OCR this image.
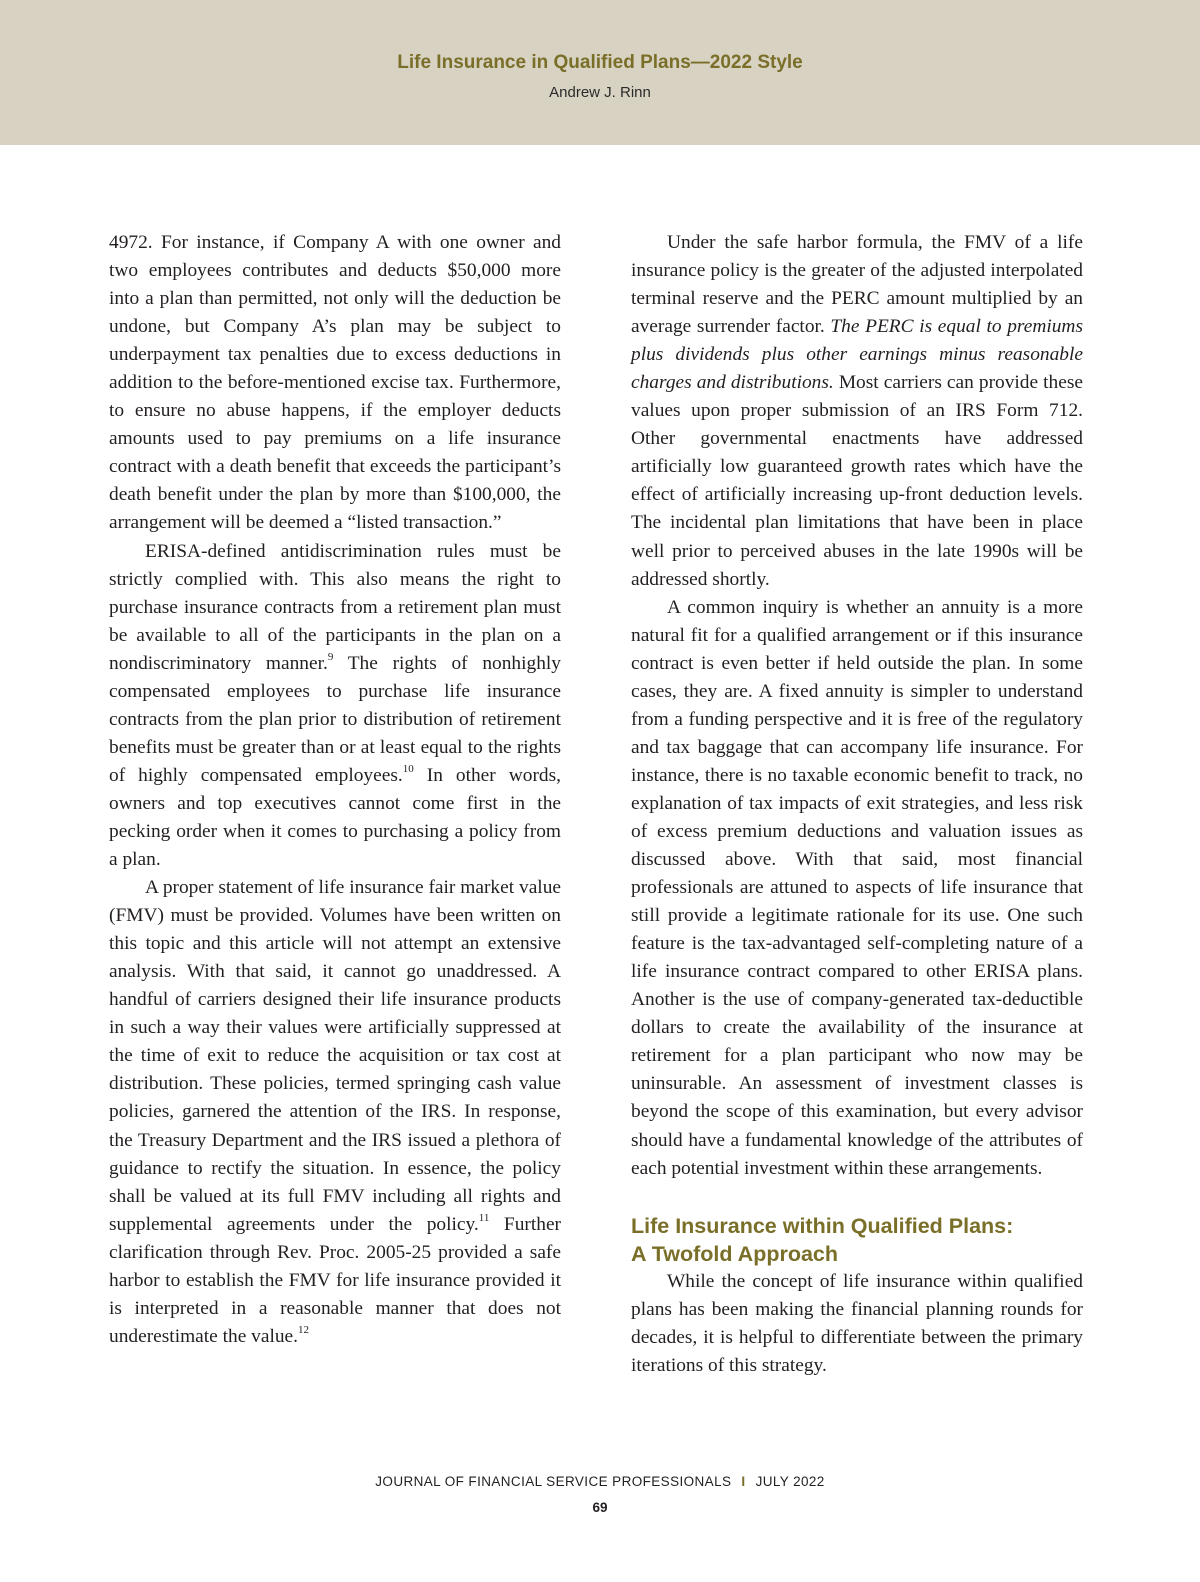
Life Insurance in Qualified Plans—2022 Style
Andrew J. Rinn

4972. For instance, if Company A with one owner and two employees contributes and deducts $50,000 more into a plan than permitted, not only will the deduction be undone, but Company A’s plan may be subject to underpayment tax penalties due to excess deductions in addition to the before-mentioned excise tax. Furthermore, to ensure no abuse happens, if the employer deducts amounts used to pay premiums on a life insurance contract with a death benefit that exceeds the participant’s death benefit under the plan by more than $100,000, the arrangement will be deemed a “listed transaction.”

ERISA-defined antidiscrimination rules must be strictly complied with. This also means the right to purchase insurance contracts from a retirement plan must be available to all of the participants in the plan on a nondiscriminatory manner.$^9$ The rights of nonhighly compensated employees to purchase life insurance contracts from the plan prior to distribution of retirement benefits must be greater than or at least equal to the rights of highly compensated employees.$^{10}$ In other words, owners and top executives cannot come first in the pecking order when it comes to purchasing a policy from a plan.

A proper statement of life insurance fair market value (FMV) must be provided. Volumes have been written on this topic and this article will not attempt an extensive analysis. With that said, it cannot go unaddressed. A handful of carriers designed their life insurance products in such a way their values were artificially suppressed at the time of exit to reduce the acquisition or tax cost at distribution. These policies, termed springing cash value policies, garnered the attention of the IRS. In response, the Treasury Department and the IRS issued a plethora of guidance to rectify the situation. In essence, the policy shall be valued at its full FMV including all rights and supplemental agreements under the policy.$^{11}$ Further clarification through Rev. Proc. 2005-25 provided a safe harbor to establish the FMV for life insurance provided it is interpreted in a reasonable manner that does not underestimate the value.$^{12}$

Under the safe harbor formula, the FMV of a life insurance policy is the greater of the adjusted interpolated terminal reserve and the PERC amount multiplied by an average surrender factor. The PERC is equal to premiums plus dividends plus other earnings minus reasonable charges and distributions. Most carriers can provide these values upon proper submission of an IRS Form 712. Other governmental enactments have addressed artificially low guaranteed growth rates which have the effect of artificially increasing up-front deduction levels. The incidental plan limitations that have been in place well prior to perceived abuses in the late 1990s will be addressed shortly.

A common inquiry is whether an annuity is a more natural fit for a qualified arrangement or if this insurance contract is even better if held outside the plan. In some cases, they are. A fixed annuity is simpler to understand from a funding perspective and it is free of the regulatory and tax baggage that can accompany life insurance. For instance, there is no taxable economic benefit to track, no explanation of tax impacts of exit strategies, and less risk of excess premium deductions and valuation issues as discussed above. With that said, most financial professionals are attuned to aspects of life insurance that still provide a legitimate rationale for its use. One such feature is the tax-advantaged self-completing nature of a life insurance contract compared to other ERISA plans. Another is the use of company-generated tax-deductible dollars to create the availability of the insurance at retirement for a plan participant who now may be uninsurable. An assessment of investment classes is beyond the scope of this examination, but every advisor should have a fundamental knowledge of the attributes of each potential investment within these arrangements.

Life Insurance within Qualified Plans:
A Twofold Approach

While the concept of life insurance within qualified plans has been making the financial planning rounds for decades, it is helpful to differentiate between the primary iterations of this strategy.

JOURNAL OF FINANCIAL SERVICE PROFESSIONALS I JULY 2022
69
